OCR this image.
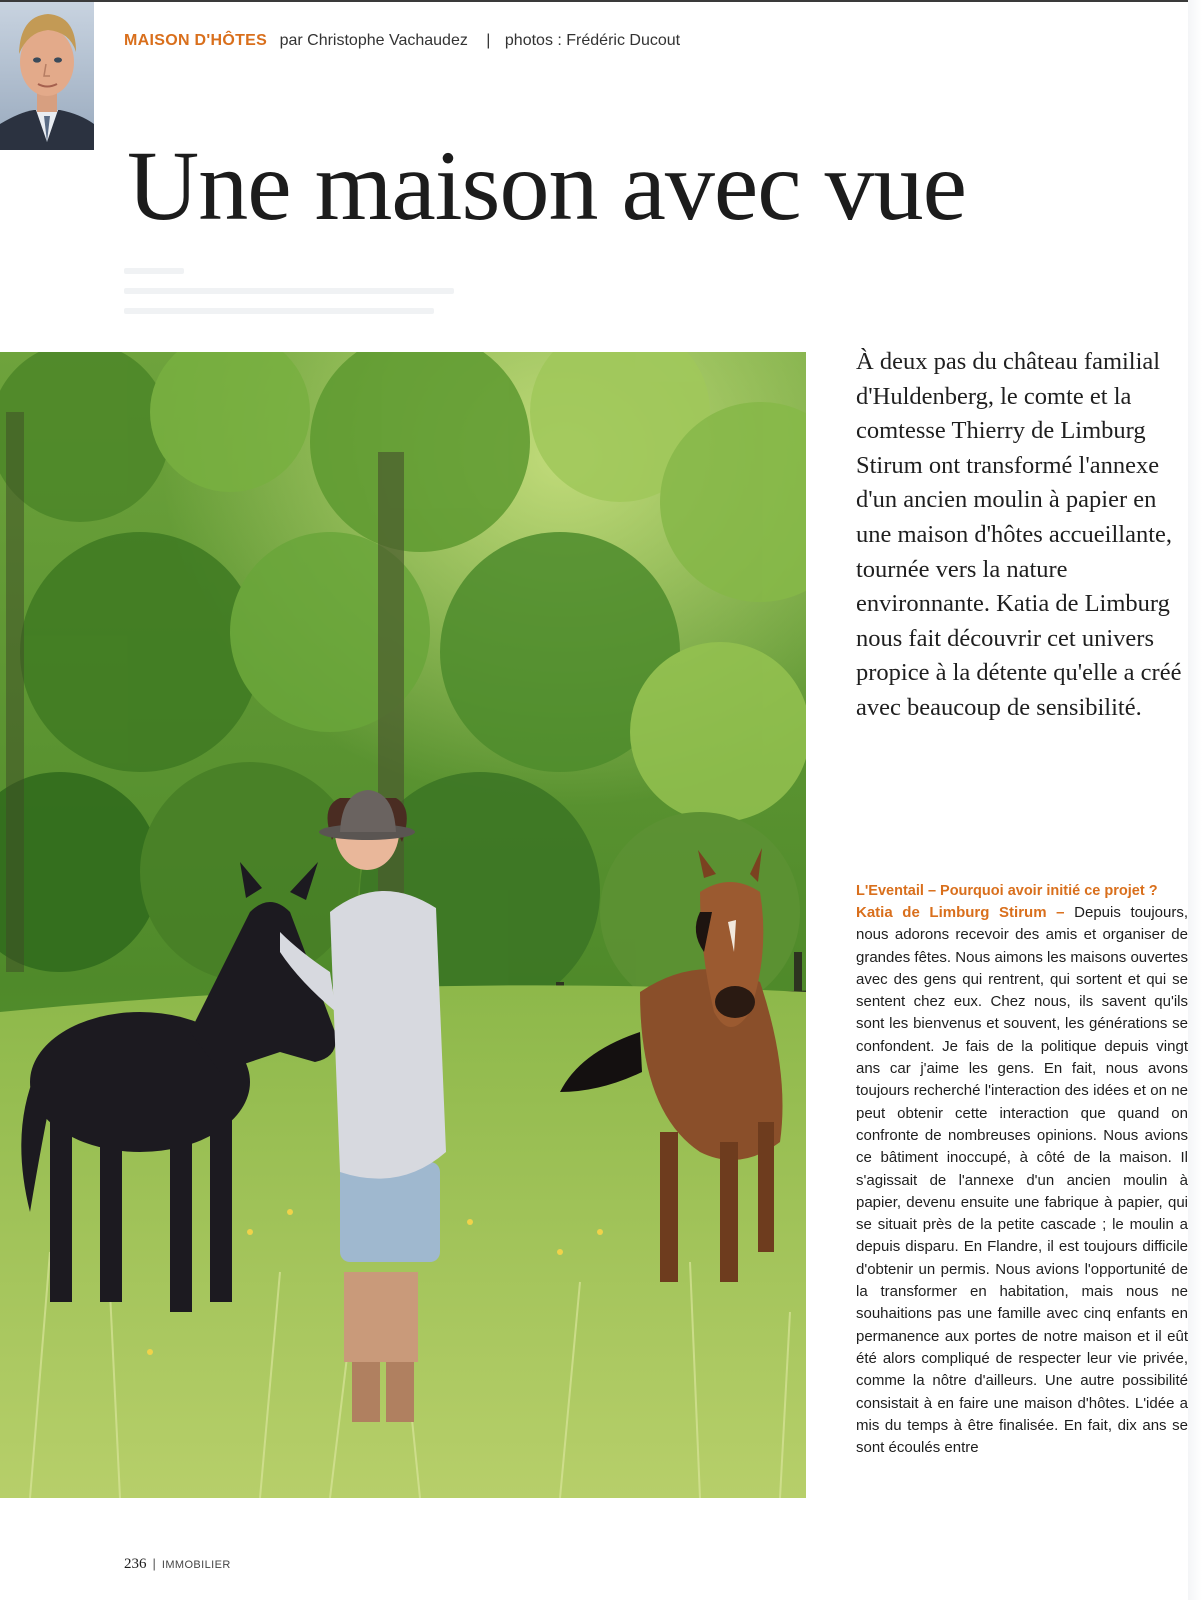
MAISON D'HÔTES par Christophe Vachaudez | photos : Frédéric Ducout
Une maison avec vue

À deux pas du château familial d'Huldenberg, le comte et la comtesse Thierry de Limburg Stirum ont transformé l'annexe d'un ancien moulin à papier en une maison d'hôtes accueillante, tournée vers la nature environnante. Katia de Limburg nous fait découvrir cet univers propice à la détente qu'elle a créé avec beaucoup de sensibilité.

L'Eventail – Pourquoi avoir initié ce projet ?

Katia de Limburg Stirum – Depuis toujours, nous adorons recevoir des amis et organiser de grandes fêtes. Nous aimons les maisons ouvertes avec des gens qui rentrent, qui sortent et qui se sentent chez eux. Chez nous, ils savent qu'ils sont les bienvenus et souvent, les générations se confondent. Je fais de la politique depuis vingt ans car j'aime les gens. En fait, nous avons toujours recherché l'interaction des idées et on ne peut obtenir cette interaction que quand on confronte de nombreuses opinions. Nous avions ce bâtiment inoccupé, à côté de la maison. Il s'agissait de l'annexe d'un ancien moulin à papier, devenu ensuite une fabrique à papier, qui se situait près de la petite cascade ; le moulin a depuis disparu. En Flandre, il est toujours difficile d'obtenir un permis. Nous avions l'opportunité de la transformer en habitation, mais nous ne souhaitions pas une famille avec cinq enfants en permanence aux portes de notre maison et il eût été alors compliqué de respecter leur vie privée, comme la nôtre d'ailleurs. Une autre possibilité consistait à en faire une maison d'hôtes. L'idée a mis du temps à être finalisée. En fait, dix ans se sont écoulés entre

236 | IMMOBILIER
